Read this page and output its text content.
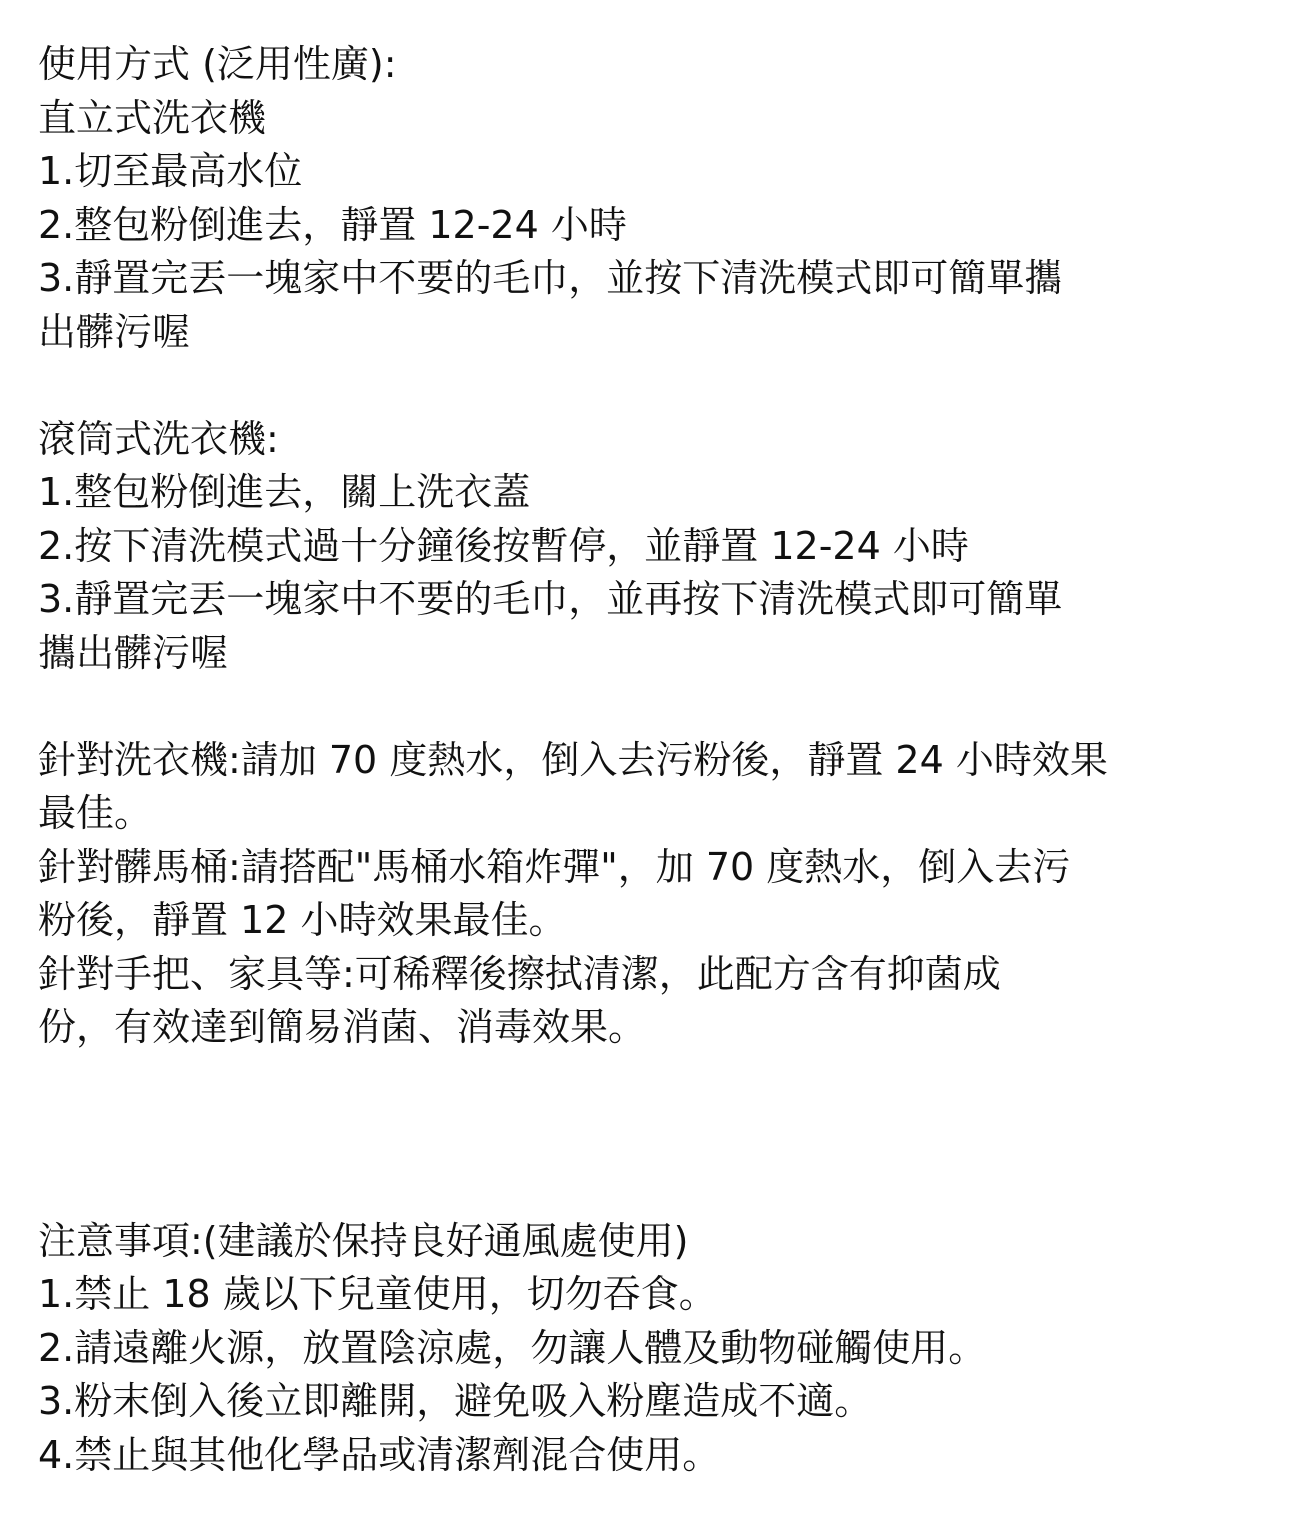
使用方式 (泛用性廣):
直立式洗衣機
1.切至最高水位
2.整包粉倒進去，靜置 12-24 小時
3.靜置完丟一塊家中不要的毛巾，並按下清洗模式即可簡單攜
出髒污喔
滾筒式洗衣機:
1.整包粉倒進去，關上洗衣蓋
2.按下清洗模式過十分鐘後按暫停，並靜置 12-24 小時
3.靜置完丟一塊家中不要的毛巾，並再按下清洗模式即可簡單
攜出髒污喔
針對洗衣機:請加 70 度熱水，倒入去污粉後，靜置 24 小時效果
最佳。
針對髒馬桶:請搭配"馬桶水箱炸彈"，加 70 度熱水，倒入去污
粉後，靜置 12 小時效果最佳。
針對手把、家具等:可稀釋後擦拭清潔，此配方含有抑菌成
份，有效達到簡易消菌、消毒效果。
注意事項:(建議於保持良好通風處使用)
1.禁止 18 歲以下兒童使用，切勿吞食。
2.請遠離火源，放置陰涼處，勿讓人體及動物碰觸使用。
3.粉末倒入後立即離開，避免吸入粉塵造成不適。
4.禁止與其他化學品或清潔劑混合使用。
